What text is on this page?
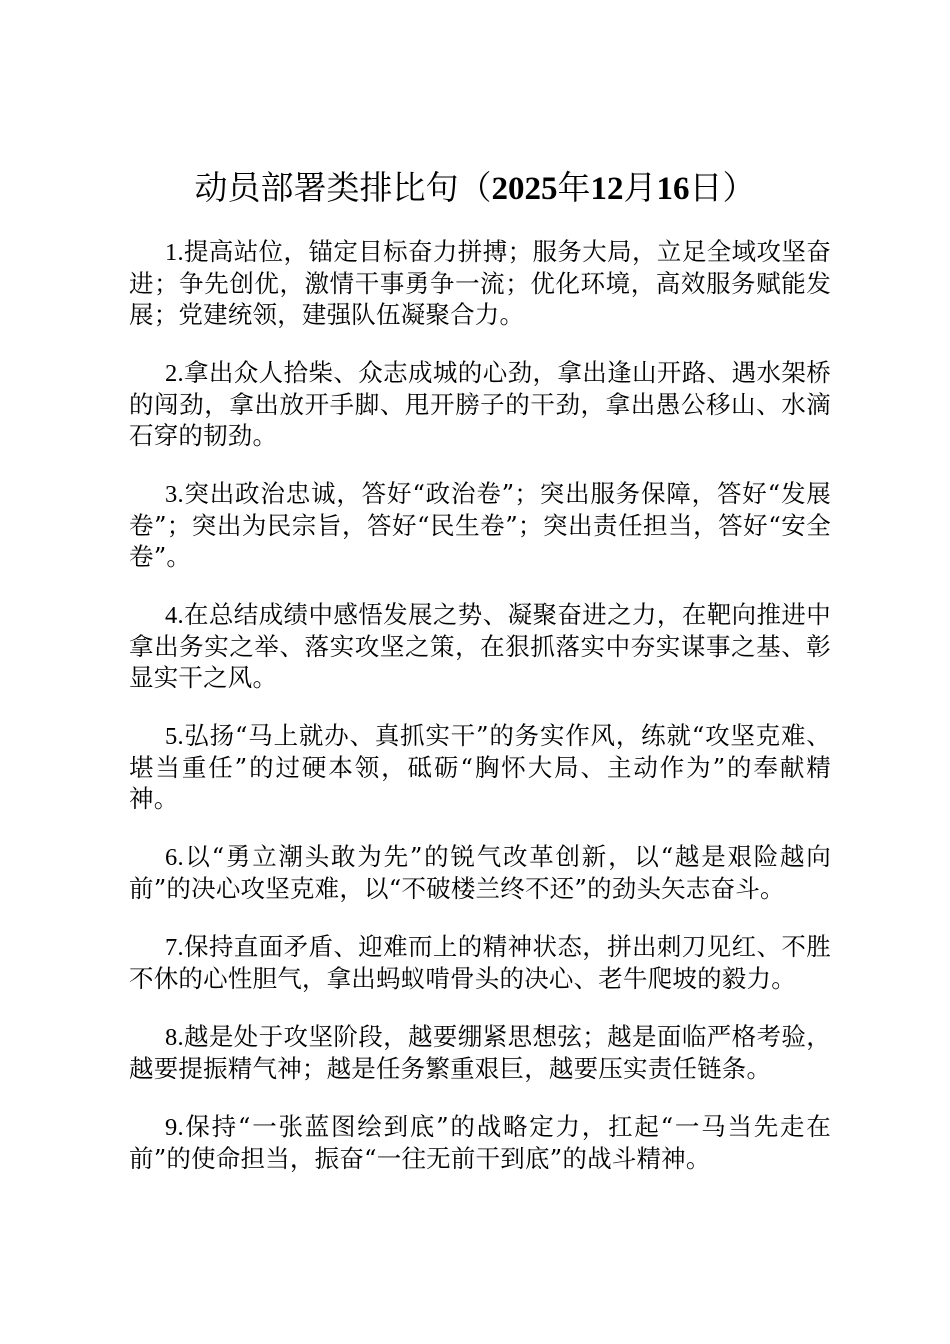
动员部署类排比句（2025年12月16日）

1.提高站位，锚定目标奋力拼搏；服务大局，立足全域攻坚奋进；争先创优，激情干事勇争一流；优化环境，高效服务赋能发展；党建统领，建强队伍凝聚合力。

2.拿出众人拾柴、众志成城的心劲，拿出逢山开路、遇水架桥的闯劲，拿出放开手脚、甩开膀子的干劲，拿出愚公移山、水滴石穿的韧劲。

3.突出政治忠诚，答好“政治卷”；突出服务保障，答好“发展卷”；突出为民宗旨，答好“民生卷”；突出责任担当，答好“安全卷”。

4.在总结成绩中感悟发展之势、凝聚奋进之力，在靶向推进中拿出务实之举、落实攻坚之策，在狠抓落实中夯实谋事之基、彰显实干之风。

5.弘扬“马上就办、真抓实干”的务实作风，练就“攻坚克难、堪当重任”的过硬本领，砥砺“胸怀大局、主动作为”的奉献精神。

6.以“勇立潮头敢为先”的锐气改革创新，以“越是艰险越向前”的决心攻坚克难，以“不破楼兰终不还”的劲头矢志奋斗。

7.保持直面矛盾、迎难而上的精神状态，拼出刺刀见红、不胜不休的心性胆气，拿出蚂蚁啃骨头的决心、老牛爬坡的毅力。

8.越是处于攻坚阶段，越要绷紧思想弦；越是面临严格考验，越要提振精气神；越是任务繁重艰巨，越要压实责任链条。

9.保持“一张蓝图绘到底”的战略定力，扛起“一马当先走在前”的使命担当，振奋“一往无前干到底”的战斗精神。
